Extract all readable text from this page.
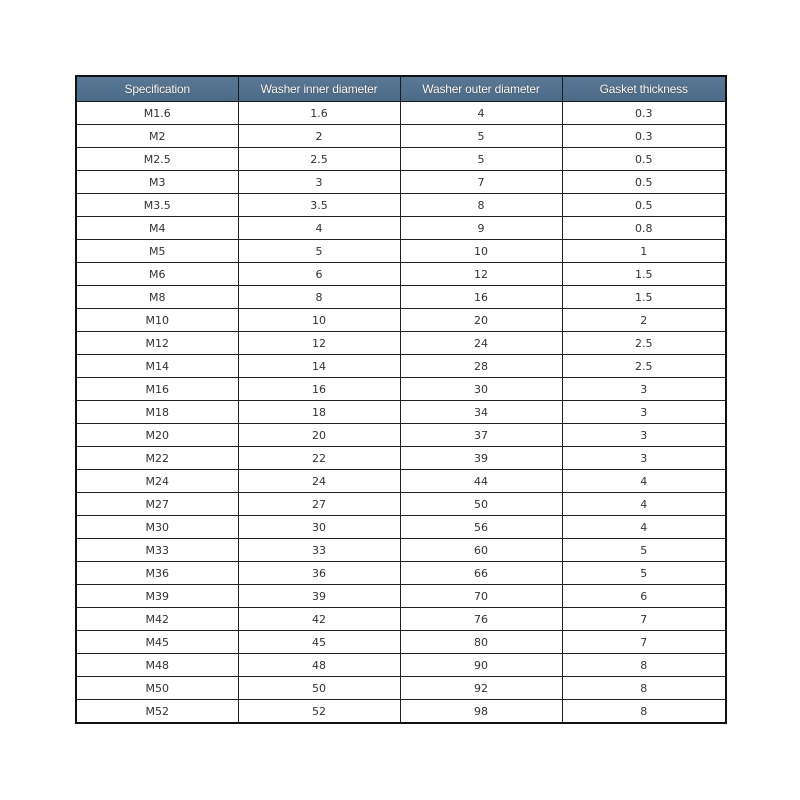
Specification	Washer inner diameter	Washer outer diameter	Gasket thickness
M1.6	1.6	4	0.3
M2	2	5	0.3
M2.5	2.5	5	0.5
M3	3	7	0.5
M3.5	3.5	8	0.5
M4	4	9	0.8
M5	5	10	1
M6	6	12	1.5
M8	8	16	1.5
M10	10	20	2
M12	12	24	2.5
M14	14	28	2.5
M16	16	30	3
M18	18	34	3
M20	20	37	3
M22	22	39	3
M24	24	44	4
M27	27	50	4
M30	30	56	4
M33	33	60	5
M36	36	66	5
M39	39	70	6
M42	42	76	7
M45	45	80	7
M48	48	90	8
M50	50	92	8
M52	52	98	8
